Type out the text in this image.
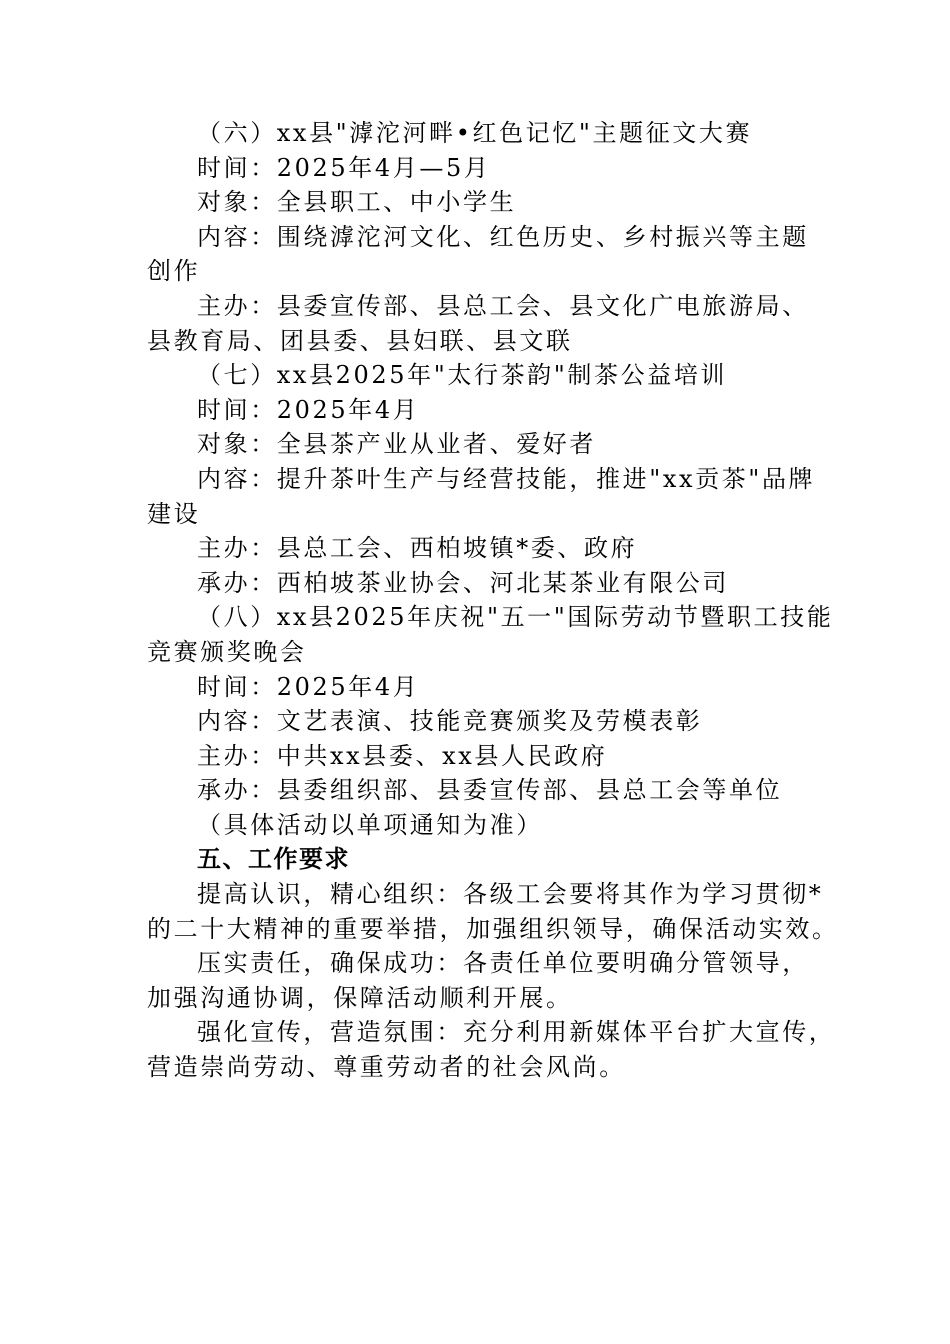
（六）xx县"滹沱河畔•红色记忆"主题征文大赛
时间：2025年4月—5月
对象：全县职工、中小学生
内容：围绕滹沱河文化、红色历史、乡村振兴等主题
创作
主办：县委宣传部、县总工会、县文化广电旅游局、
县教育局、团县委、县妇联、县文联
（七）xx县2025年"太行茶韵"制茶公益培训
时间：2025年4月
对象：全县茶产业从业者、爱好者
内容：提升茶叶生产与经营技能，推进"xx贡茶"品牌
建设
主办：县总工会、西柏坡镇*委、政府
承办：西柏坡茶业协会、河北某茶业有限公司
（八）xx县2025年庆祝"五一"国际劳动节暨职工技能
竞赛颁奖晚会
时间：2025年4月
内容：文艺表演、技能竞赛颁奖及劳模表彰
主办：中共xx县委、xx县人民政府
承办：县委组织部、县委宣传部、县总工会等单位
（具体活动以单项通知为准）
五、工作要求
提高认识，精心组织：各级工会要将其作为学习贯彻*
的二十大精神的重要举措，加强组织领导，确保活动实效。
压实责任，确保成功：各责任单位要明确分管领导，
加强沟通协调，保障活动顺利开展。
强化宣传，营造氛围：充分利用新媒体平台扩大宣传，
营造崇尚劳动、尊重劳动者的社会风尚。
